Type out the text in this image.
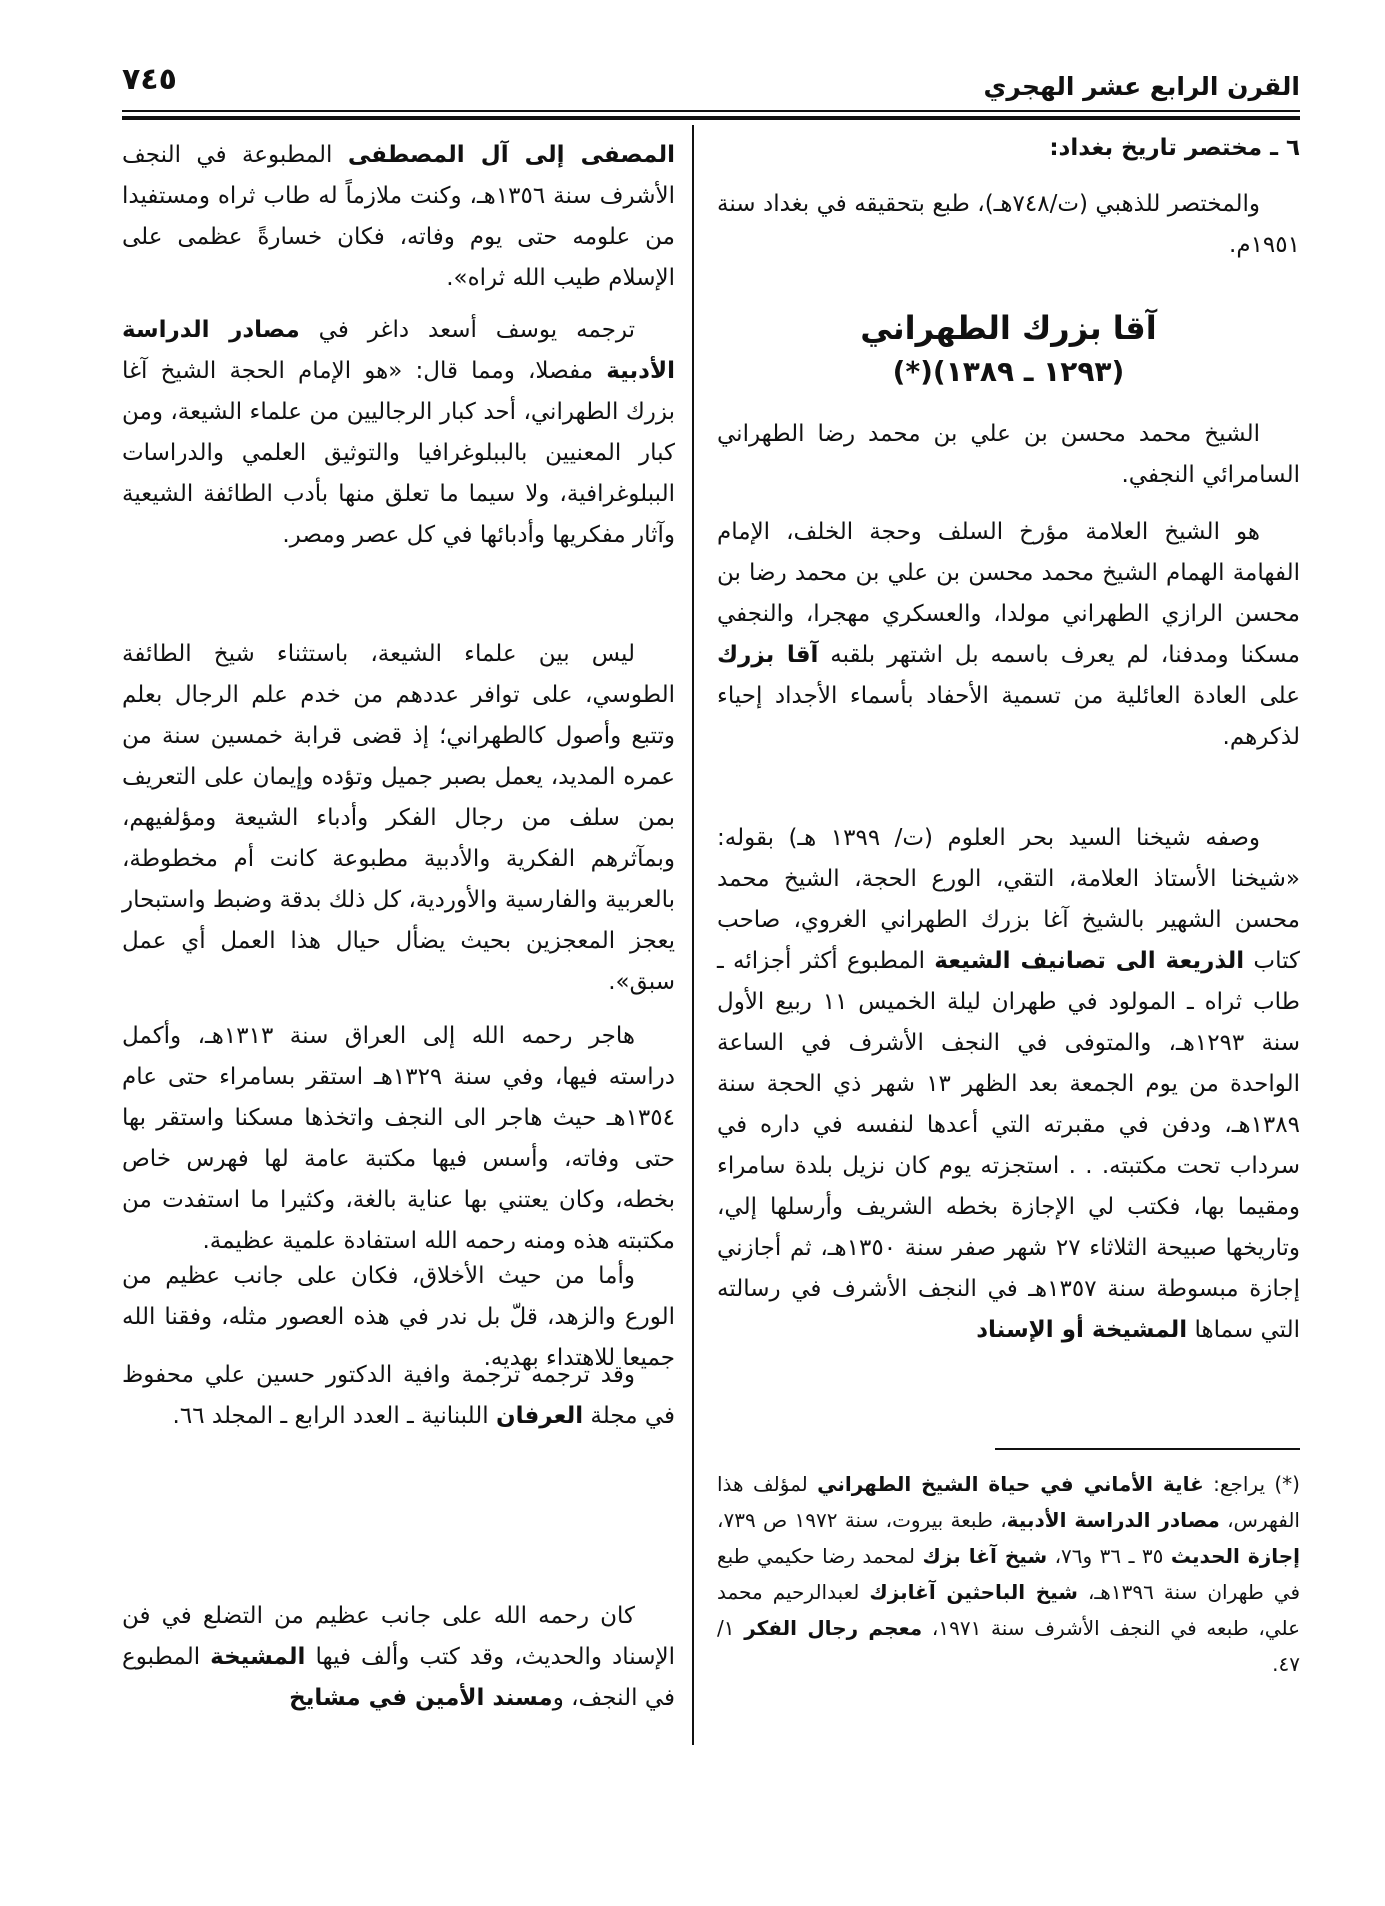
القرن الرابع عشر الهجري
٧٤٥
٦ ـ مختصر تاريخ بغداد:
والمختصر للذهبي (ت/٧٤٨هـ)، طبع بتحقيقه في بغداد سنة ١٩٥١م.
آقا بزرك الطهراني
(١٢٩٣ ـ ١٣٨٩)(*)
الشيخ محمد محسن بن علي بن محمد رضا الطهراني السامرائي النجفي.
هو الشيخ العلامة مؤرخ السلف وحجة الخلف، الإمام الفهامة الهمام الشيخ محمد محسن بن علي بن محمد رضا بن محسن الرازي الطهراني مولدا، والعسكري مهجرا، والنجفي مسكنا ومدفنا، لم يعرف باسمه بل اشتهر بلقبه آقا بزرك على العادة العائلية من تسمية الأحفاد بأسماء الأجداد إحياء لذكرهم.
وصفه شيخنا السيد بحر العلوم (ت/ ١٣٩٩ هـ) بقوله: «شيخنا الأستاذ العلامة، التقي، الورع الحجة، الشيخ محمد محسن الشهير بالشيخ آغا بزرك الطهراني الغروي، صاحب كتاب الذريعة الى تصانيف الشيعة المطبوع أكثر أجزائه ـ طاب ثراه ـ المولود في طهران ليلة الخميس ١١ ربيع الأول سنة ١٢٩٣هـ، والمتوفى في النجف الأشرف في الساعة الواحدة من يوم الجمعة بعد الظهر ١٣ شهر ذي الحجة سنة ١٣٨٩هـ، ودفن في مقبرته التي أعدها لنفسه في داره في سرداب تحت مكتبته. . . استجزته يوم كان نزيل بلدة سامراء ومقيما بها، فكتب لي الإجازة بخطه الشريف وأرسلها إلي، وتاريخها صبيحة الثلاثاء ٢٧ شهر صفر سنة ١٣٥٠هـ، ثم أجازني إجازة مبسوطة سنة ١٣٥٧هـ في النجف الأشرف في رسالته التي سماها المشيخة أو الإسناد
(*) يراجع: غاية الأماني في حياة الشيخ الطهراني لمؤلف هذا الفهرس، مصادر الدراسة الأدبية، طبعة بيروت، سنة ١٩٧٢ ص ٧٣٩، إجازة الحديث ٣٥ ـ ٣٦ و٧٦، شيخ آغا بزك لمحمد رضا حكيمي طبع في طهران سنة ١٣٩٦هـ، شيخ الباحثين آغابزك لعبدالرحيم محمد علي، طبعه في النجف الأشرف سنة ١٩٧١، معجم رجال الفكر ١/ ٤٧.
المصفى إلى آل المصطفى المطبوعة في النجف الأشرف سنة ١٣٥٦هـ، وكنت ملازماً له طاب ثراه ومستفيدا من علومه حتى يوم وفاته، فكان خسارةً عظمى على الإسلام طيب الله ثراه».
ترجمه يوسف أسعد داغر في مصادر الدراسة الأدبية مفصلا، ومما قال: «هو الإمام الحجة الشيخ آغا بزرك الطهراني، أحد كبار الرجاليين من علماء الشيعة، ومن كبار المعنيين بالببلوغرافيا والتوثيق العلمي والدراسات الببلوغرافية، ولا سيما ما تعلق منها بأدب الطائفة الشيعية وآثار مفكريها وأدبائها في كل عصر ومصر.
ليس بين علماء الشيعة، باستثناء شيخ الطائفة الطوسي، على توافر عددهم من خدم علم الرجال بعلم وتتبع وأصول كالطهراني؛ إذ قضى قرابة خمسين سنة من عمره المديد، يعمل بصبر جميل وتؤده وإيمان على التعريف بمن سلف من رجال الفكر وأدباء الشيعة ومؤلفيهم، وبمآثرهم الفكرية والأدبية مطبوعة كانت أم مخطوطة، بالعربية والفارسية والأوردية، كل ذلك بدقة وضبط واستبحار يعجز المعجزين بحيث يضأل حيال هذا العمل أي عمل سبق».
هاجر رحمه الله إلى العراق سنة ١٣١٣هـ، وأكمل دراسته فيها، وفي سنة ١٣٢٩هـ استقر بسامراء حتى عام ١٣٥٤هـ حيث هاجر الى النجف واتخذها مسكنا واستقر بها حتى وفاته، وأسس فيها مكتبة عامة لها فهرس خاص بخطه، وكان يعتني بها عناية بالغة، وكثيرا ما استفدت من مكتبته هذه ومنه رحمه الله استفادة علمية عظيمة.
وأما من حيث الأخلاق، فكان على جانب عظيم من الورع والزهد، قلّ بل ندر في هذه العصور مثله، وفقنا الله جميعا للاهتداء بهديه.
وقد ترجمه ترجمة وافية الدكتور حسين علي محفوظ في مجلة العرفان اللبنانية ـ العدد الرابع ـ المجلد ٦٦.
كان رحمه الله على جانب عظيم من التضلع في فن الإسناد والحديث، وقد كتب وألف فيها المشيخة المطبوع في النجف، ومسند الأمين في مشايخ
